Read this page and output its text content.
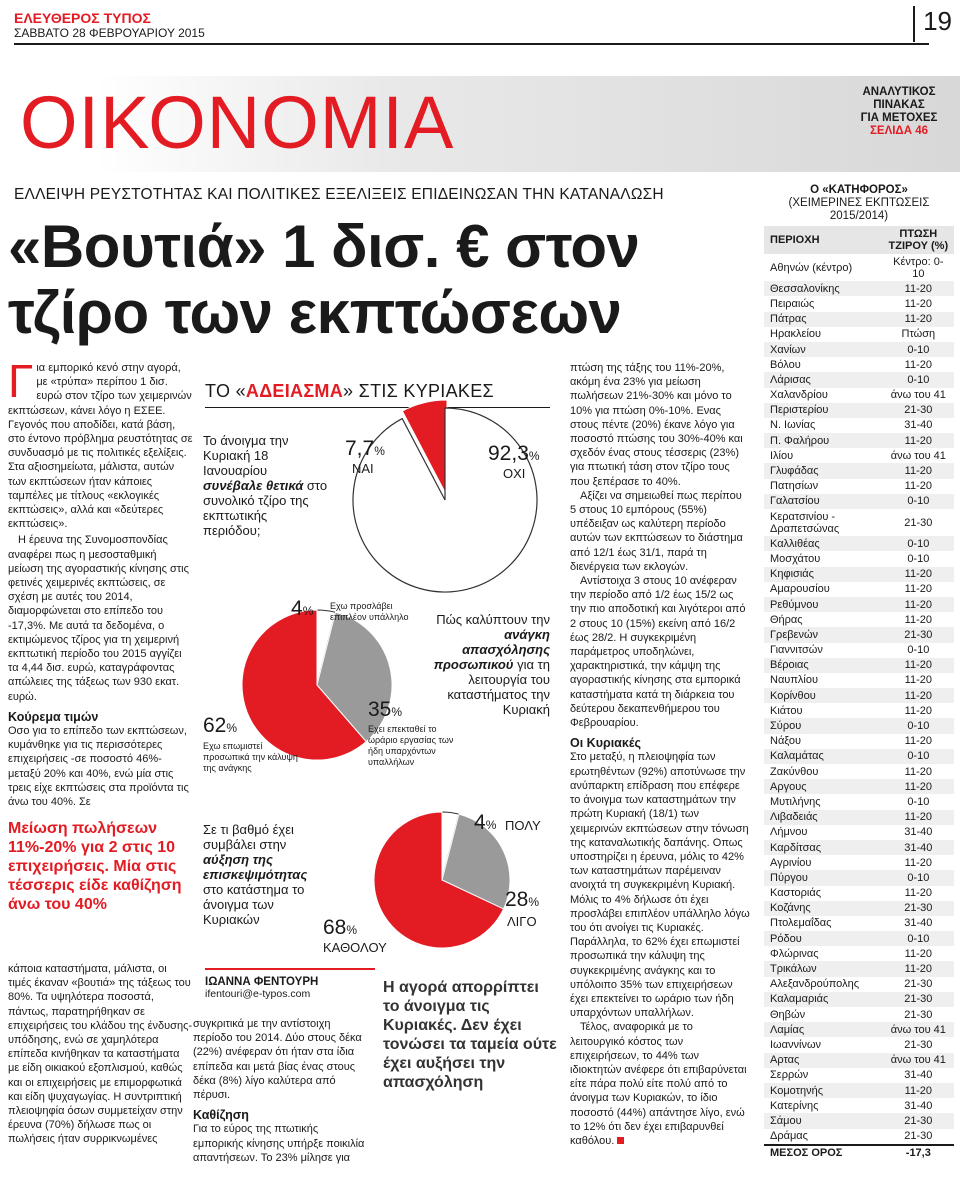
ΕΛΕΥΘΕΡΟΣ ΤΥΠΟΣ
ΣΑΒΒΑΤΟ 28 ΦΕΒΡΟΥΑΡΙΟΥ 2015	19
ΟΙΚΟΝΟΜΙΑ	ΑΝΑΛΥΤΙΚΟΣ
ΠΙΝΑΚΑΣ
ΓΙΑ ΜΕΤΟΧΕΣ
ΣΕΛΙΔΑ 46
ΕΛΛΕΙΨΗ ΡΕΥΣΤΟΤΗΤΑΣ ΚΑΙ ΠΟΛΙΤΙΚΕΣ ΕΞΕΛΙΞΕΙΣ ΕΠΙΔΕΙΝΩΣΑΝ ΤΗΝ ΚΑΤΑΝΑΛΩΣΗ
«Βουτιά» 1 δισ. € στον
τζίρο των εκπτώσεων
Γ ια εμπορικό κενό στην αγορά, με «τρύπα» περίπου 1 δισ. ευρώ στον τζίρο των χειμερινών εκπτώσεων, κάνει λόγο η ΕΣΕΕ. Γεγονός που αποδίδει, κατά βάση, στο έντονο πρόβλημα ρευστότητας σε συνδυασμό με τις πολιτικές εξελίξεις. Στα αξιοσημείωτα, μάλιστα, αυτών των εκπτώσεων ήταν κάποιες ταμπέλες με τίτλους «εκλογικές εκπτώσεις», αλλά και «δεύτερες εκπτώσεις».

Η έρευνα της Συνομοσπονδίας αναφέρει πως η μεσοσταθμική μείωση της αγοραστικής κίνησης στις φετινές χειμερινές εκπτώσεις, σε σχέση με αυτές του 2014, διαμορφώνεται στο επίπεδο του -17,3%. Με αυτά τα δεδομένα, ο εκτιμώμενος τζίρος για τη χειμερινή εκπτωτική περίοδο του 2015 αγγίζει τα 4,44 δισ. ευρώ, καταγράφοντας απώλειες της τάξεως των 930 εκατ. ευρώ.

Κούρεμα τιμών

Οσο για το επίπεδο των εκπτώσεων, κυμάνθηκε για τις περισσότερες επιχειρήσεις -σε ποσοστό 46%- μεταξύ 20% και 40%, ενώ μία στις τρεις είχε εκπτώσεις στα προϊόντα τις άνω του 40%. Σε

Μείωση πωλήσεων 11%-20% για 2 στις 10 επιχειρήσεις. Μία στις τέσσερις είδε καθίζηση άνω του 40%

κάποια καταστήματα, μάλιστα, οι τιμές έκαναν «βουτιά» της τάξεως του 80%. Τα υψηλότερα ποσοστά, πάντως, παρατηρήθηκαν σε επιχειρήσεις του κλάδου της ένδυσης-υπόδησης, ενώ σε χαμηλότερα επίπεδα κινήθηκαν τα καταστήματα με είδη οικιακού εξοπλισμού, καθώς και οι επιχειρήσεις με επιμορφωτικά και είδη ψυχαγωγίας. Η συντριπτική πλειοψηφία όσων συμμετείχαν στην έρευνα (70%) δήλωσε πως οι πωλήσεις ήταν συρρικνωμένες

ΤΟ «ΑΔΕΙΑΣΜΑ» ΣΤΙΣ ΚΥΡΙΑΚΕΣ
Το άνοιγμα την Κυριακή 18 Ιανουαρίου συνέβαλε θετικά στο συνολικό τζίρο της εκπτωτικής περιόδου;
7,7%
ΝΑΙ
92,3%
ΟΧΙ
Πώς καλύπτουν την ανάγκη απασχόλησης προσωπικού για τη λειτουργία του καταστήματος την Κυριακή
4% Εχω προσλάβει επιπλέον υπάλληλο
62%
Εχω επωμιστεί προσωπικά την κάλυψη της ανάγκης
35%
Εχει επεκταθεί το ωράριο εργασίας των ήδη υπαρχόντων υπαλλήλων
Σε τι βαθμό έχει συμβάλει στην αύξηση της επισκεψιμότητας στο κατάστημα το άνοιγμα των Κυριακών
4% ΠΟΛΥ
28%
ΛΙΓΟ
68%
ΚΑΘΟΛΟΥ
ΙΩΑΝΝΑ ΦΕΝΤΟΥΡΗ
ifentouri@e-typos.com

συγκριτικά με την αντίστοιχη περίοδο του 2014. Δύο στους δέκα (22%) ανέφεραν ότι ήταν στα ίδια επίπεδα και μετά βίας ένας στους δέκα (8%) λίγο καλύτερα από πέρυσι.

Καθίζηση

Για το εύρος της πτωτικής εμπορικής κίνησης υπήρξε ποικιλία απαντήσεων. Το 23% μίλησε για

Η αγορά απορρίπτει το άνοιγμα τις Κυριακές. Δεν έχει τονώσει τα ταμεία ούτε έχει αυξήσει την απασχόληση

πτώση της τάξης του 11%-20%, ακόμη ένα 23% για μείωση πωλήσεων 21%-30% και μόνο το 10% για πτώση 0%-10%. Ενας στους πέντε (20%) έκανε λόγο για ποσοστό πτώσης του 30%-40% και σχεδόν ένας στους τέσσερις (23%) για πτωτική τάση στον τζίρο τους που ξεπέρασε το 40%.

Αξίζει να σημειωθεί πως περίπου 5 στους 10 εμπόρους (55%) υπέδειξαν ως καλύτερη περίοδο αυτών των εκπτώσεων το διάστημα από 12/1 έως 31/1, παρά τη διενέργεια των εκλογών.

Αντίστοιχα 3 στους 10 ανέφεραν την περίοδο από 1/2 έως 15/2 ως την πιο αποδοτική και λιγότεροι από 2 στους 10 (15%) εκείνη από 16/2 έως 28/2. Η συγκεκριμένη παράμετρος υποδηλώνει, χαρακτηριστικά, την κάμψη της αγοραστικής κίνησης στα εμπορικά καταστήματα κατά τη διάρκεια του δεύτερου δεκαπενθήμερου του Φεβρουαρίου.

Οι Κυριακές

Στο μεταξύ, η πλειοψηφία των ερωτηθέντων (92%) αποτύνωσε την ανύπαρκτη επίδραση που επέφερε το άνοιγμα των καταστημάτων την πρώτη Κυριακή (18/1) των χειμερινών εκπτώσεων στην τόνωση της καταναλωτικής δαπάνης. Οπως υποστηρίζει η έρευνα, μόλις το 42% των καταστημάτων παρέμειναν ανοιχτά τη συγκεκριμένη Κυριακή. Μόλις το 4% δήλωσε ότι έχει προσλάβει επιπλέον υπάλληλο λόγω του ότι ανοίγει τις Κυριακές. Παράλληλα, το 62% έχει επωμιστεί προσωπικά την κάλυψη της συγκεκριμένης ανάγκης και το υπόλοιπο 35% των επιχειρήσεων έχει επεκτείνει το ωράριο των ήδη υπαρχόντων υπαλλήλων.

Τέλος, αναφορικά με το λειτουργικό κόστος των επιχειρήσεων, το 44% των ιδιοκτητών ανέφερε ότι επιβαρύνεται είτε πάρα πολύ είτε πολύ από το άνοιγμα των Κυριακών, το ίδιο ποσοστό (44%) απάντησε λίγο, ενώ το 12% ότι δεν έχει επιβαρυνθεί καθόλου.

Ο «ΚΑΤΗΦΟΡΟΣ»
(ΧΕΙΜΕΡΙΝΕΣ ΕΚΠΤΩΣΕΙΣ
2015/2014)
ΠΕΡΙΟΧΗ	ΠΤΩΣΗ ΤΖΙΡΟΥ (%)
Αθηνών (κέντρο)	Κέντρο: 0-10
Θεσσαλονίκης	11-20
Πειραιώς	11-20
Πάτρας	11-20
Ηρακλείου	Πτώση
Χανίων	0-10
Βόλου	11-20
Λάρισας	0-10
Χαλανδρίου	άνω του 41
Περιστερίου	21-30
Ν. Ιωνίας	31-40
Π. Φαλήρου	11-20
Ιλίου	άνω του 41
Γλυφάδας	11-20
Πατησίων	11-20
Γαλατσίου	0-10
Κερατσινίου - Δραπετσώνας	21-30
Καλλιθέας	0-10
Μοσχάτου	0-10
Κηφισιάς	11-20
Αμαρουσίου	11-20
Ρεθύμνου	11-20
Θήρας	11-20
Γρεβενών	21-30
Γιαννιτσών	0-10
Βέροιας	11-20
Ναυπλίου	11-20
Κορίνθου	11-20
Κιάτου	11-20
Σύρου	0-10
Νάξου	11-20
Καλαμάτας	0-10
Ζακύνθου	11-20
Αργους	11-20
Μυτιλήνης	0-10
Λιβαδειάς	11-20
Λήμνου	31-40
Καρδίτσας	31-40
Αγρινίου	11-20
Πύργου	0-10
Καστοριάς	11-20
Κοζάνης	21-30
Πτολεμαΐδας	31-40
Ρόδου	0-10
Φλώρινας	11-20
Τρικάλων	11-20
Αλεξανδρούπολης	21-30
Καλαμαριάς	21-30
Θηβών	21-30
Λαμίας	άνω του 41
Ιωαννίνων	21-30
Αρτας	άνω του 41
Σερρών	31-40
Κομοτηνής	11-20
Κατερίνης	31-40
Σάμου	21-30
Δράμας	21-30
ΜΕΣΟΣ ΟΡΟΣ	-17,3
